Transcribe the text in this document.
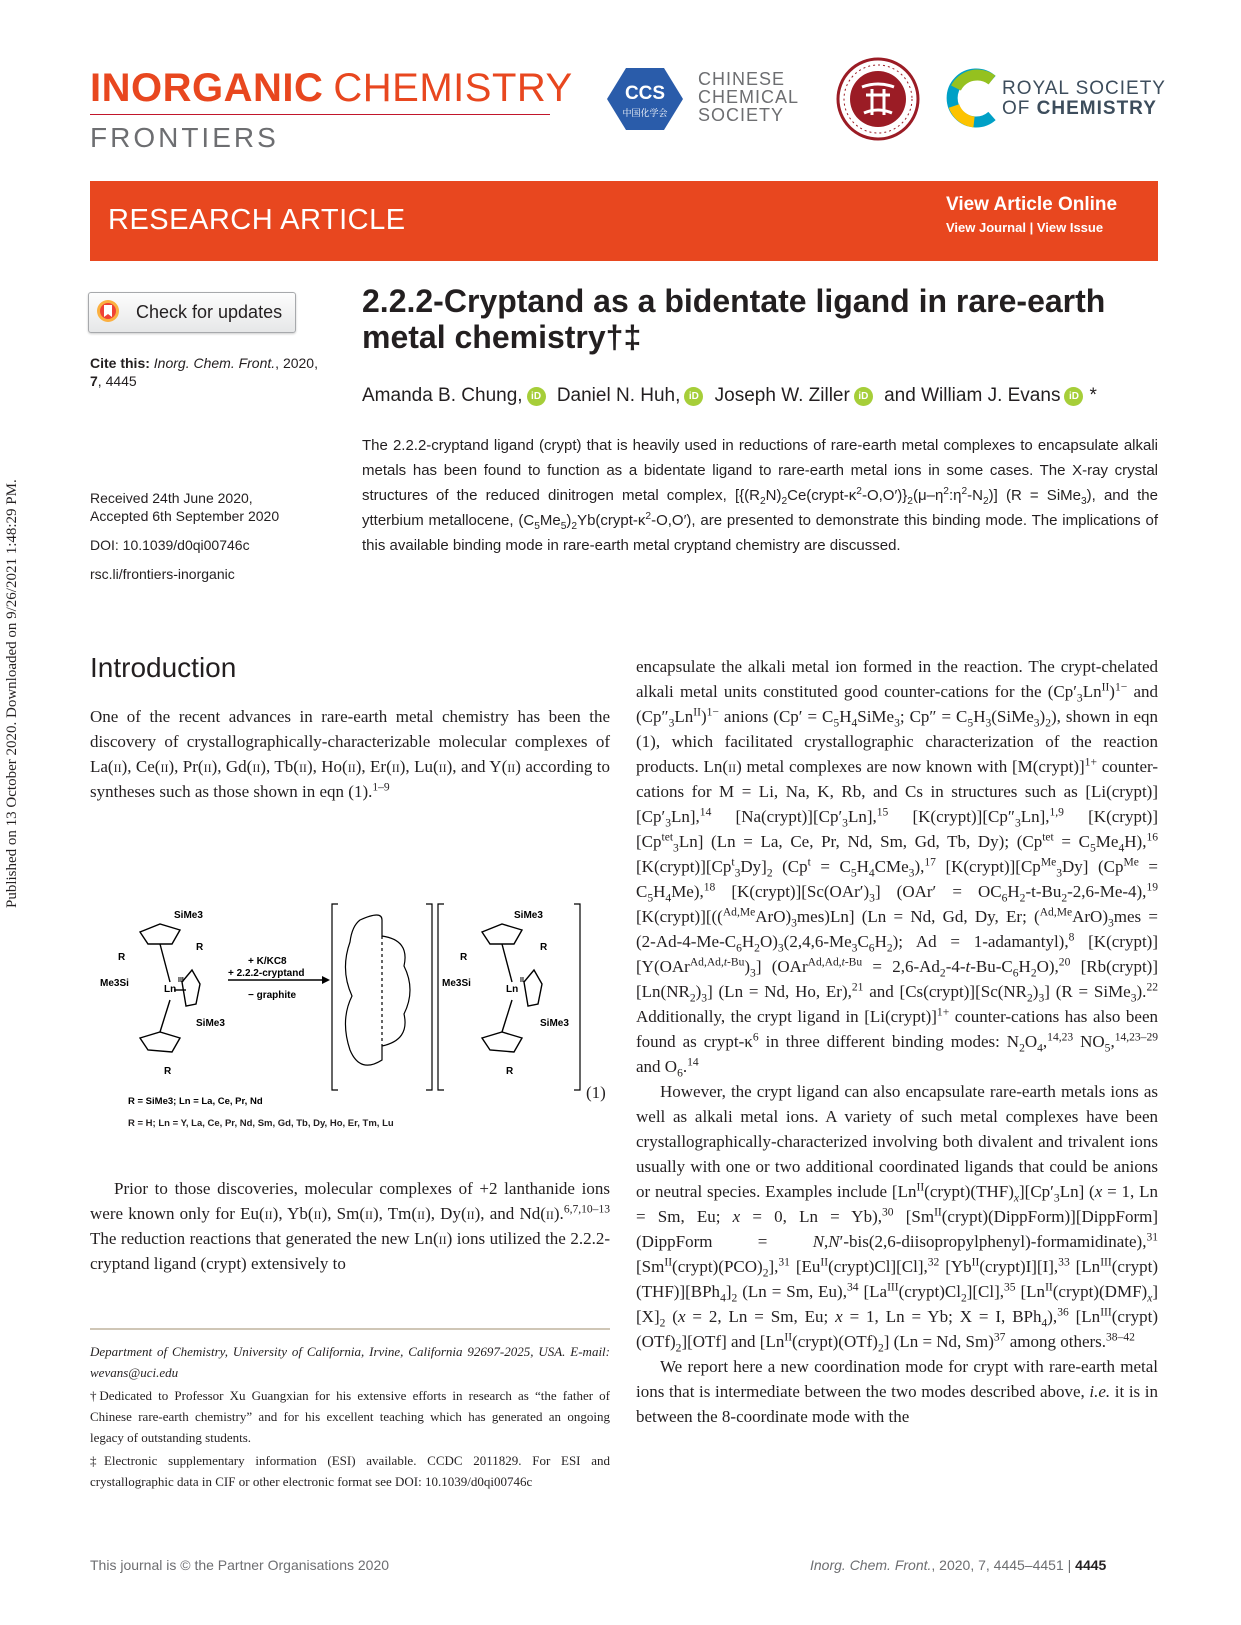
INORGANIC CHEMISTRY
FRONTIERS
CCS
中国化学会
CHINESE
CHEMICAL
SOCIETY
ROYAL SOCIETY
OF CHEMISTRY
RESEARCH ARTICLE	View Article Online
View Journal | View Issue
Check for updates
Cite this: Inorg. Chem. Front., 2020,
7, 4445
Received 24th June 2020,
Accepted 6th September 2020
DOI: 10.1039/d0qi00746c
rsc.li/frontiers-inorganic
Published on 13 October 2020. Downloaded on 9/26/2021 1:48:29 PM.
2.2.2-Cryptand as a bidentate ligand in rare-earth metal chemistry†‡
Amanda B. Chung, iD Daniel N. Huh, iD Joseph W. Ziller iD and William J. Evans iD *
The 2.2.2-cryptand ligand (crypt) that is heavily used in reductions of rare-earth metal complexes to encapsulate alkali metals has been found to function as a bidentate ligand to rare-earth metal ions in some cases. The X-ray crystal structures of the reduced dinitrogen metal complex, $[\{(R_2N)_2Ce(crypt-\kappa^2-O,O')\}_2(\mu-\eta^2:\eta^2-N_2)] (R$ = SiMe$_3$), and the ytterbium metallocene, $(C_5Me_5)_2Yb(crypt-\kappa^2-O,O')$, are presented to demonstrate this binding mode. The implications of this available binding mode in rare-earth metal cryptand chemistry are discussed.
Introduction
One of the recent advances in rare-earth metal chemistry has been the discovery of crystallographically-characterizable molecular complexes of La(ii), Ce(ii), Pr(ii), Gd(ii), Tb(ii), Ho(ii), Er(ii), Lu(ii), and Y(ii) according to syntheses such as those shown in eqn (1).$^{1-9}$
SiMe3
R
Me3Si
Ln
III
R
SiMe3
R
+ K/KC8
+ 2.2.2-cryptand
− graphite
SiMe3
R
Me3Si
Ln
II
R
SiMe3
R
R = SiMe3; Ln = La, Ce, Pr, Nd
R = H; Ln = Y, La, Ce, Pr, Nd, Sm, Gd, Tb, Dy, Ho, Er, Tm, Lu
(1)
Prior to those discoveries, molecular complexes of +2 lanthanide ions were known only for Eu(ii), Yb(ii), Sm(ii), Tm(ii), Dy(ii), and Nd(ii).$^{6,7,10-13}$ The reduction reactions that generated the new Ln(ii) ions utilized the 2.2.2-cryptand ligand (crypt) extensively to

encapsulate the alkali metal ion formed in the reaction. The crypt-chelated alkali metal units constituted good counter-cations for the $(Cp'_3Ln^{II})^{1-}$ and $(Cp''_3Ln^{II})^{1-}$ anions ($Cp' = C_5H_4SiMe_3$; $Cp'' = C_5H_3(SiMe_3)_2$), shown in eqn (1), which facilitated crystallographic characterization of the reaction products. Ln(ii) metal complexes are now known with [M(crypt)]$^{1+}$ counter-cations for M = Li, Na, K, Rb, and Cs in structures such as $[Li(crypt)][Cp'_3Ln],^{14}$ $[Na(crypt)][Cp'_3Ln],^{15}$ $[K(crypt)][Cp''_3Ln],^{1,9}$ $[K(crypt)][Cp^{tet}_3Ln] (Ln = La$, Ce, Pr, Nd, Sm, Gd, Tb, Dy); $(Cp^{tet} = C_5Me_4H),^{16}$ $[K(crypt)][Cp^t_3Dy]_2$ $(Cp^t = C_5H_4CMe_3),^{17}$ $[K(crypt)][Cp^{Me}_3Dy] (Cp^{Me} = C_5H_4Me),^{18}$ $[K(crypt)][Sc(OAr')_3] (OAr' = OC_6H_2-t-Bu_2-2,6-Me-4),^{19}$ $[K(crypt)][((^{Ad,Me}ArO)_3mes)Ln] (Ln = Nd$, Gd, Dy, Er; $(^{Ad,Me}ArO)_3mes = (2-Ad-4-Me-C_6H_2O)_3(2,4,6-Me_3C_6H_2)$; Ad = 1-adamantyl),$^8$ $[K(crypt)][Y(OAr^{Ad,Ad,t-Bu})_3] (OAr^{Ad,Ad,t-Bu} = 2,6-Ad_2-4-t-Bu-C_6H_2O),^{20}$ $[Rb(crypt)][Ln(NR_2)_3] (Ln = Nd$, Ho, Er),$^{21}$ and $[Cs(crypt)][Sc(NR_2)_3] (R$ = SiMe$_3$).$^{22}$ Additionally, the crypt ligand in [Li(crypt)]$^{1+}$ counter-cations has also been found as crypt-$\kappa^6$ in three different binding modes: $N_2O_4,^{14,23}$ $NO_5,^{14,23-29}$ and $O_6.^{14}$

However, the crypt ligand can also encapsulate rare-earth metals ions as well as alkali metal ions. A variety of such metal complexes have been crystallographically-characterized involving both divalent and trivalent ions usually with one or two additional coordinated ligands that could be anions or neutral species. Examples include $[Ln^{II}(crypt)(THF)_x][Cp'_3Ln] (x = 1$, Ln = Sm, Eu; x = 0, Ln = Yb),$^{30}$ $[Sm^{II}(crypt)(DippForm)][DippForm]$ (DippForm = N,N′-bis(2,6-diisopropylphenyl)-formamidinate),$^{31}$ $[Sm^{II}(crypt)(PCO)_2],^{31}$ $[Eu^{II}(crypt)Cl][Cl],^{32}$ $[Yb^{II}(crypt)I][I],^{33}$ $[Ln^{III}(crypt)(THF)][BPh_4]_2$ (Ln = Sm, Eu),$^{34}$ $[La^{III}(crypt)Cl_2][Cl],^{35}$ $[Ln^{II}(crypt)(DMF)_x][X]_2$ (x = 2, Ln = Sm, Eu; x = 1, Ln = Yb; X = I, BPh$_4$),$^{36}$ $[Ln^{III}(crypt)(OTf)_2][OTf]$ and $[Ln^{II}(crypt)(OTf)_2] (Ln = Nd$, Sm)$^{37}$ among others.$^{38-42}$

We report here a new coordination mode for crypt with rare-earth metal ions that is intermediate between the two modes described above, i.e. it is in between the 8-coordinate mode with the

Department of Chemistry, University of California, Irvine, California 92697-2025, USA. E-mail: wevans@uci.edu

†Dedicated to Professor Xu Guangxian for his extensive efforts in research as “the father of Chinese rare-earth chemistry” and for his excellent teaching which has generated an ongoing legacy of outstanding students.

‡Electronic supplementary information (ESI) available. CCDC 2011829. For ESI and crystallographic data in CIF or other electronic format see DOI: 10.1039/d0qi00746c

This journal is © the Partner Organisations 2020	Inorg. Chem. Front., 2020, 7, 4445–4451 | 4445
